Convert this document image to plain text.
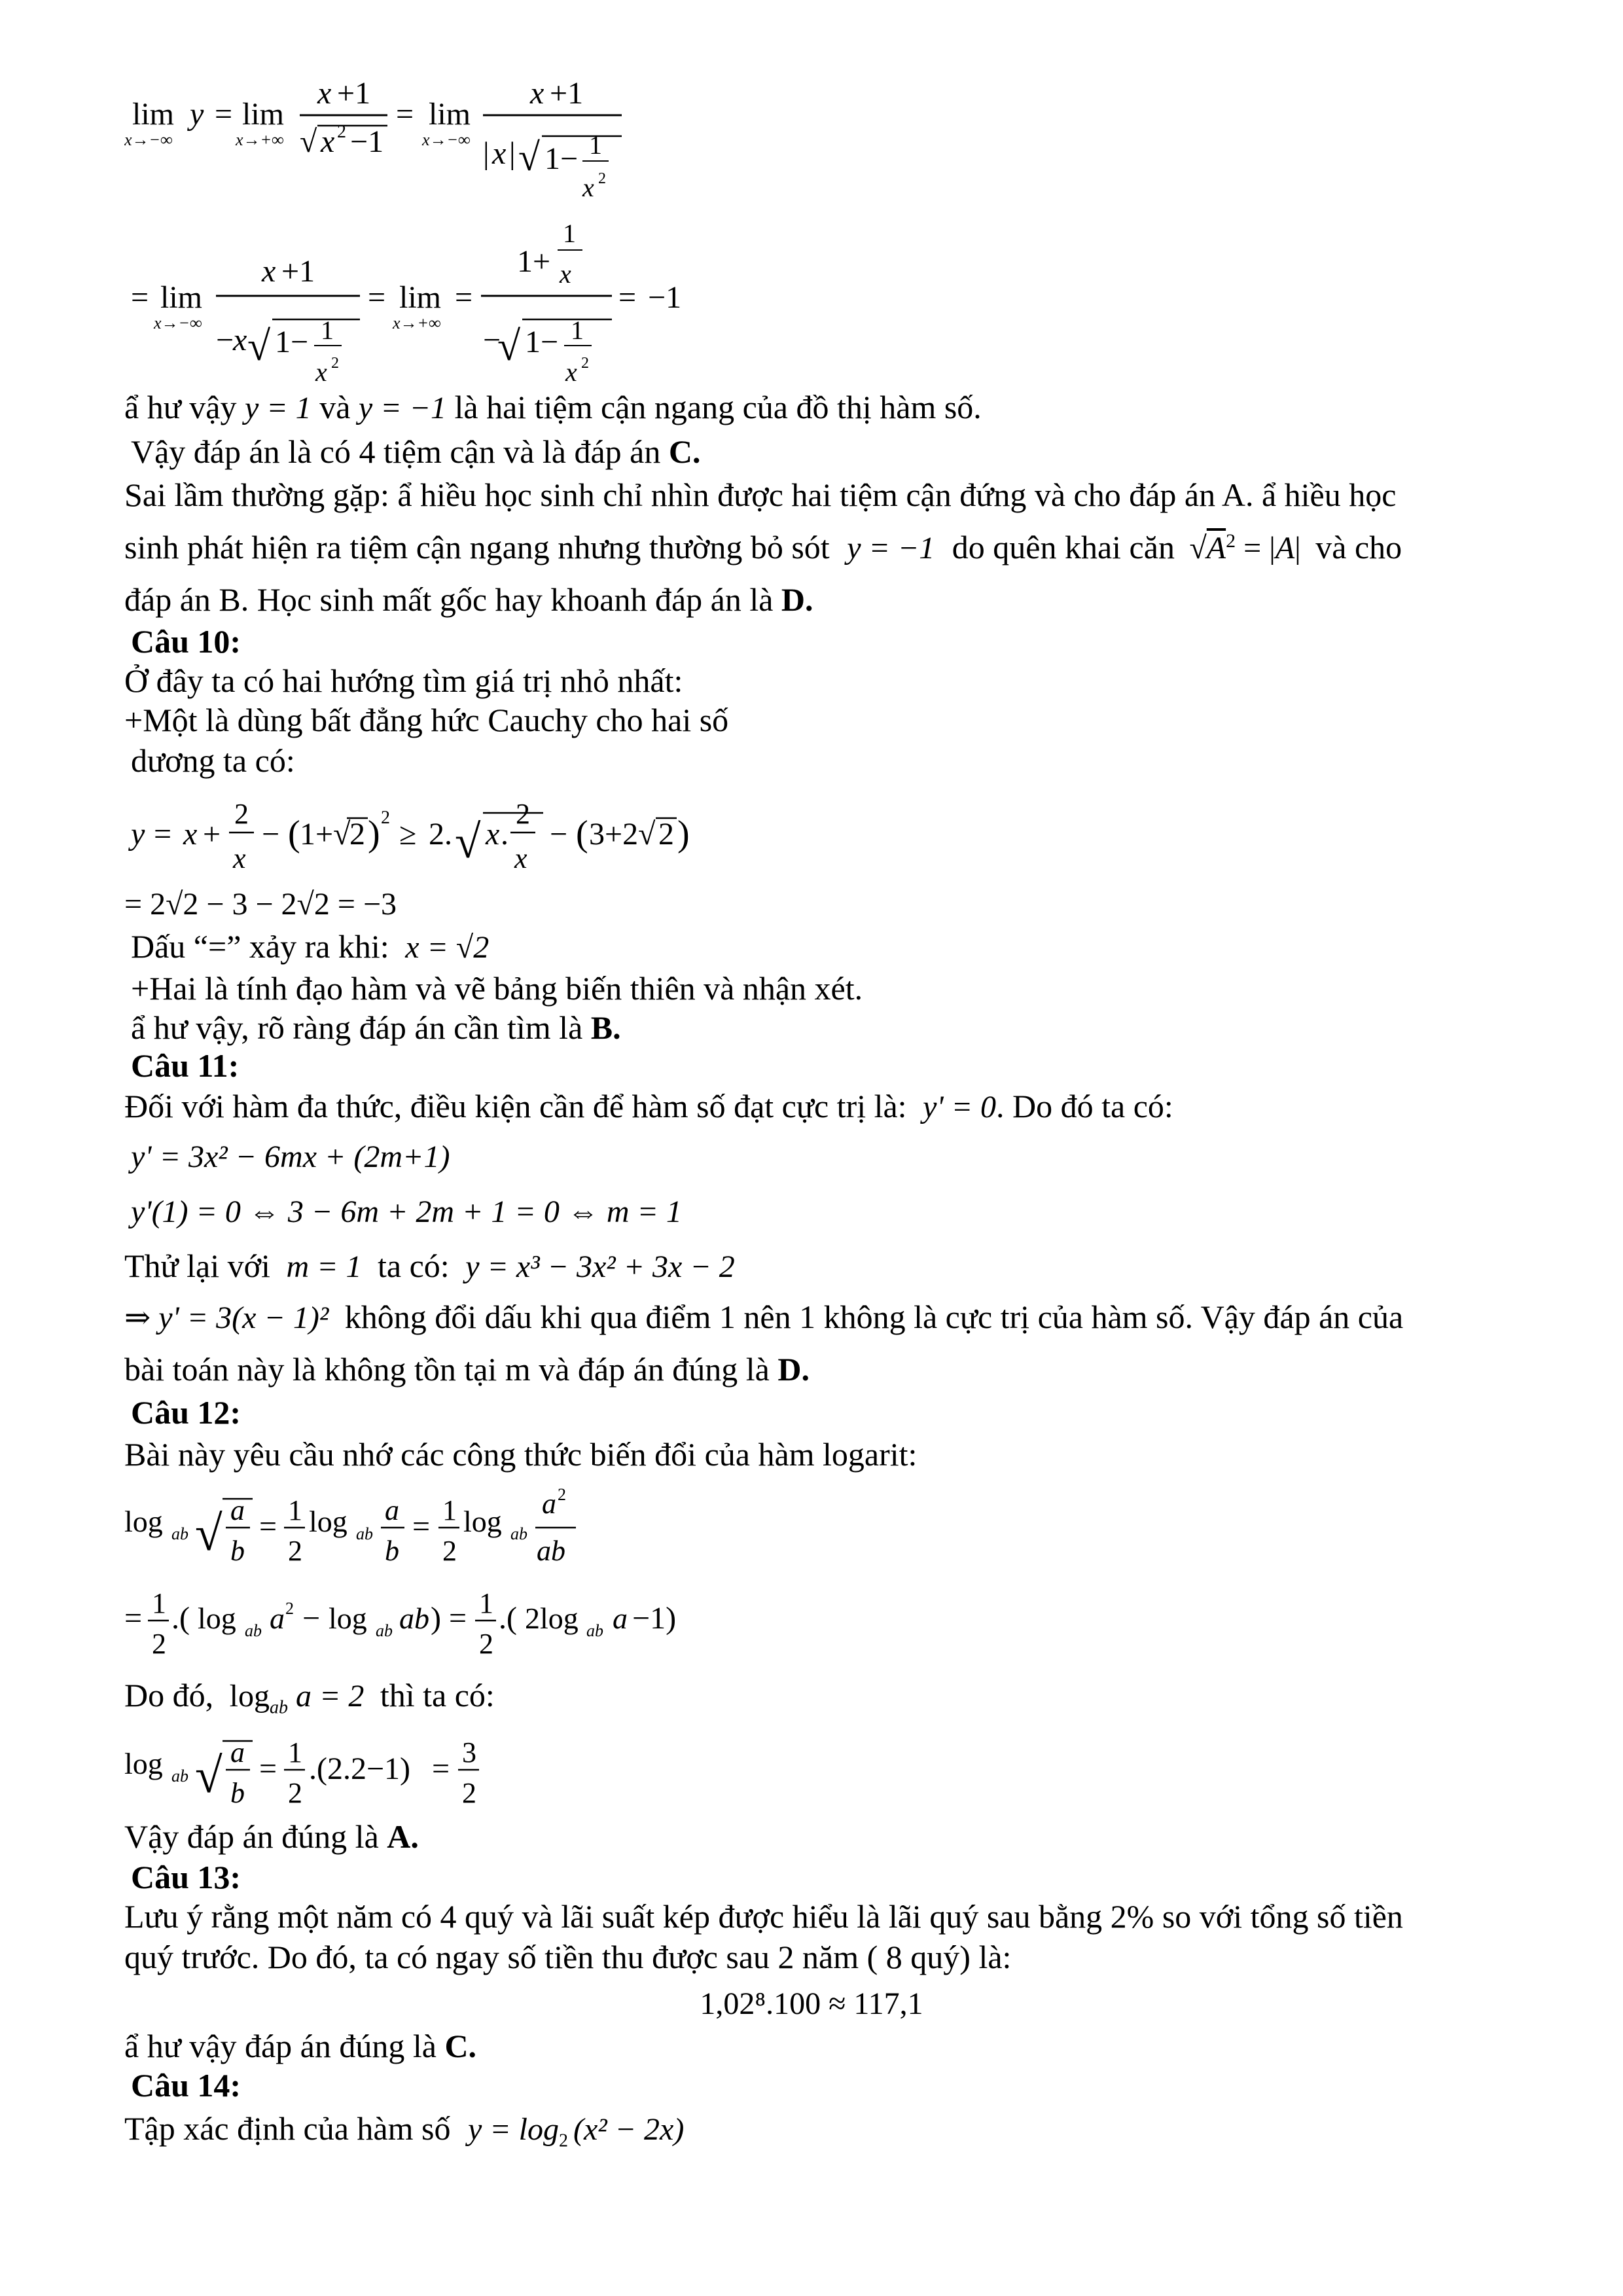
lim y = lim
x→−∞	x→+∞
x +1
√ x 2 −1
= lim
x→−∞
x +1
| x | √ 1− 1
x 2
= lim
x→−∞
x +1
−
x √ 1− 1
x 2
= lim
x→+∞
=
1+
1
x
−
√ 1− 1
x 2
= −1
ẩ hư vậy y = 1 và y = −1 là hai tiệm cận ngang của đồ thị hàm số.
Vậy đáp án là có 4 tiệm cận và là đáp án C.
Sai lầm thường gặp: ẩ hiều học sinh chỉ nhìn được hai tiệm cận đứng và cho đáp án A. ẩ hiều học
sinh phát hiện ra tiệm cận ngang nhưng thường bỏ sót y = −1 do quên khai căn $√A^2 = |A|$ và cho
đáp án B. Học sinh mất gốc hay khoanh đáp án là D.
Câu 10:
Ở đây ta có hai hướng tìm giá trị nhỏ nhất:
+Một là dùng bất đẳng hức Cauchy cho hai số
dương ta có:
y = x +
2
x
− ( 1+√
2 ) 2 ≥ 2. √ x .
2
x
− ( 3+2√ 2 )
= 2√2 − 3 − 2√2 = −3
Dấu “=” xảy ra khi: x = √2
+Hai là tính đạo hàm và vẽ bảng biến thiên và nhận xét.
ẩ hư vậy, rõ ràng đáp án cần tìm là B.
Câu 11:
Đối với hàm đa thức, điều kiện cần để hàm số đạt cực trị là: y' = 0. Do đó ta có:
y' = 3x² − 6mx + (2m+1)
y'(1) = 0 ⇔ 3 − 6m + 2m + 1 = 0 ⇔ m = 1
Thử lại với m = 1 ta có: y = x³ − 3x² + 3x − 2
⇒ y' = 3(x − 1)² không đổi dấu khi qua điểm 1 nên 1 không là cực trị của hàm số. Vậy đáp án của
bài toán này là không tồn tại m và đáp án đúng là D.
Câu 12:
Bài này yêu cầu nhớ các công thức biến đổi của hàm logarit:
log ab √ a
b
= 1
2
log ab
a
b
= 1
2
log ab
a 2
ab
= 1
2
.( log ab a 2 − log ab ab ) = 1
2
.( 2log ab a −1)
Do đó, $\log_{ab} a = 2$ thì ta có:
log ab √ a
b
= 1
2
.(2.2−1) = 3
2
Vậy đáp án đúng là A.
Câu 13:
Lưu ý rằng một năm có 4 quý và lãi suất kép được hiểu là lãi quý sau bằng 2% so với tổng số tiền
quý trước. Do đó, ta có ngay số tiền thu được sau 2 năm ( 8 quý) là:
1,02⁸.100 ≈ 117,1
ẩ hư vậy đáp án đúng là C.
Câu 14:
Tập xác định của hàm số $y = \log_2 (x^2 - 2x)$
